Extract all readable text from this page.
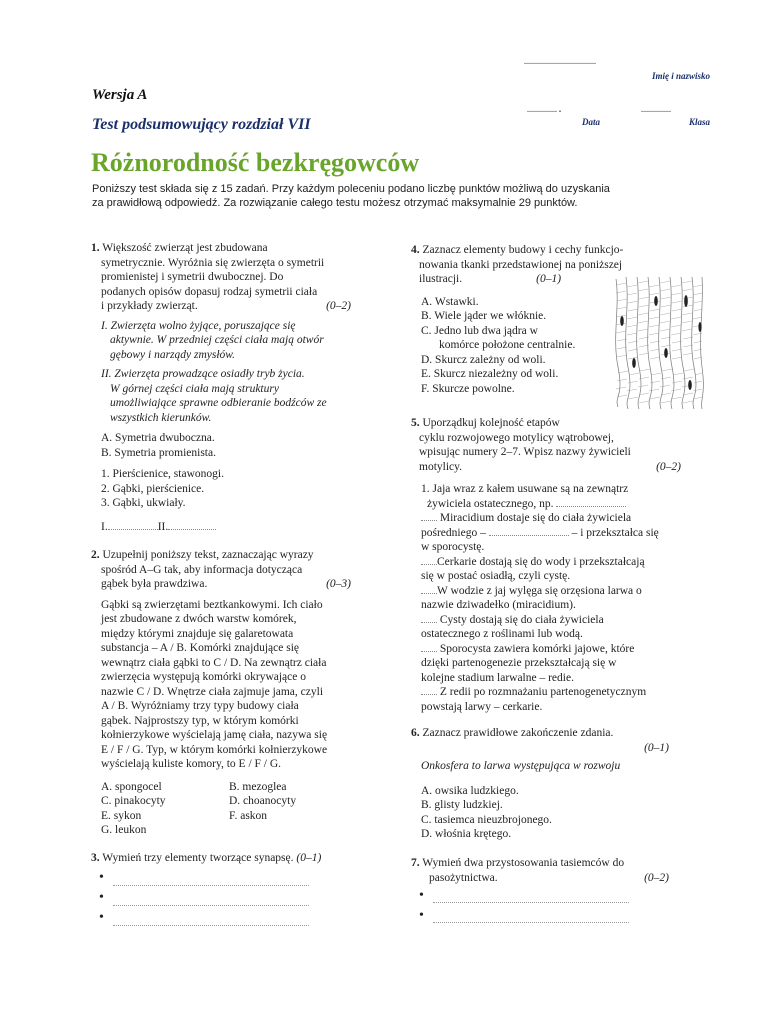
………………………………
Imię i nazwisko
…………….
Data
……………
Klasa
Wersja A
Test podsumowujący rozdział VII
Różnorodność bezkręgowców
Poniższy test składa się z 15 zadań. Przy każdym poleceniu podano liczbę punktów możliwą do uzyskania
za prawidłową odpowiedź. Za rozwiązanie całego testu możesz otrzymać maksymalnie 29 punktów.

1. Większość zwierząt jest zbudowana

symetrycznie. Wyróżnia się zwierzęta o symetrii

promienistej i symetrii dwubocznej. Do

podanych opisów dopasuj rodzaj symetrii ciała

i przykłady zwierząt.	(0–2)

I. Zwierzęta wolno żyjące, poruszające się

aktywnie. W przedniej części ciała mają otwór

gębowy i narządy zmysłów.

II. Zwierzęta prowadzące osiadły tryb życia.

W górnej części ciała mają struktury

umożliwiające sprawne odbieranie bodźców ze

wszystkich kierunków.

A. Symetria dwuboczna.

B. Symetria promienista.

1. Pierścienice, stawonogi.

2. Gąbki, pierścienice.

3. Gąbki, ukwiały.

I.	II.

2. Uzupełnij poniższy tekst, zaznaczając wyrazy

spośród A–G tak, aby informacja dotycząca

gąbek była prawdziwa.	(0–3)

Gąbki są zwierzętami beztkankowymi. Ich ciało

jest zbudowane z dwóch warstw komórek,

między którymi znajduje się galaretowata

substancja – A / B. Komórki znajdujące się

wewnątrz ciała gąbki to C / D. Na zewnątrz ciała

zwierzęcia występują komórki okrywające o

nazwie C / D. Wnętrze ciała zajmuje jama, czyli

A / B. Wyróżniamy trzy typy budowy ciała

gąbek. Najprostszy typ, w którym komórki

kołnierzykowe wyścielają jamę ciała, nazywa się

E / F / G. Typ, w którym komórki kołnierzykowe

wyścielają kuliste komory, to E / F / G.

A. spongocel

C. pinakocyty

E. sykon

G. leukon

B. mezoglea

D. choanocyty

F. askon

3. Wymień trzy elementy tworzące synapsę. (0–1)

•
•
•

4. Zaznacz elementy budowy i cechy funkcjo-

nowania tkanki przedstawionej na poniższej

ilustracji.	(0–1)

A. Wstawki.

B. Wiele jąder we włóknie.

C. Jedno lub dwa jądra w

komórce położone centralnie.

D. Skurcz zależny od woli.

E. Skurcz niezależny od woli.

F. Skurcze powolne.

5. Uporządkuj kolejność etapów

cyklu rozwojowego motylicy wątrobowej,

wpisując numery 2–7. Wpisz nazwy żywicieli

motylicy.	(0–2)

1. Jaja wraz z kałem usuwane są na zewnątrz

żywiciela ostatecznego, np.

Miracidium dostaje się do ciała żywiciela

pośredniego –	– i przekształca się

w sporocystę.

Cerkarie dostają się do wody i przekształcają

się w postać osiadłą, czyli cystę.

W wodzie z jaj wylęga się orzęsiona larwa o

nazwie dziwadełko (miracidium).

Cysty dostają się do ciała żywiciela

ostatecznego z roślinami lub wodą.

Sporocysta zawiera komórki jajowe, które

dzięki partenogenezie przekształcają się w

kolejne stadium larwalne – redie.

Z redii po rozmnażaniu partenogenetycznym

powstają larwy – cerkarie.

6. Zaznacz prawidłowe zakończenie zdania.

(0–1)

Onkosfera to larwa występująca w rozwoju

A. owsika ludzkiego.

B. glisty ludzkiej.

C. tasiemca nieuzbrojonego.

D. włośnia krętego.

7. Wymień dwa przystosowania tasiemców do

pasożytnictwa.	(0–2)

•
•
